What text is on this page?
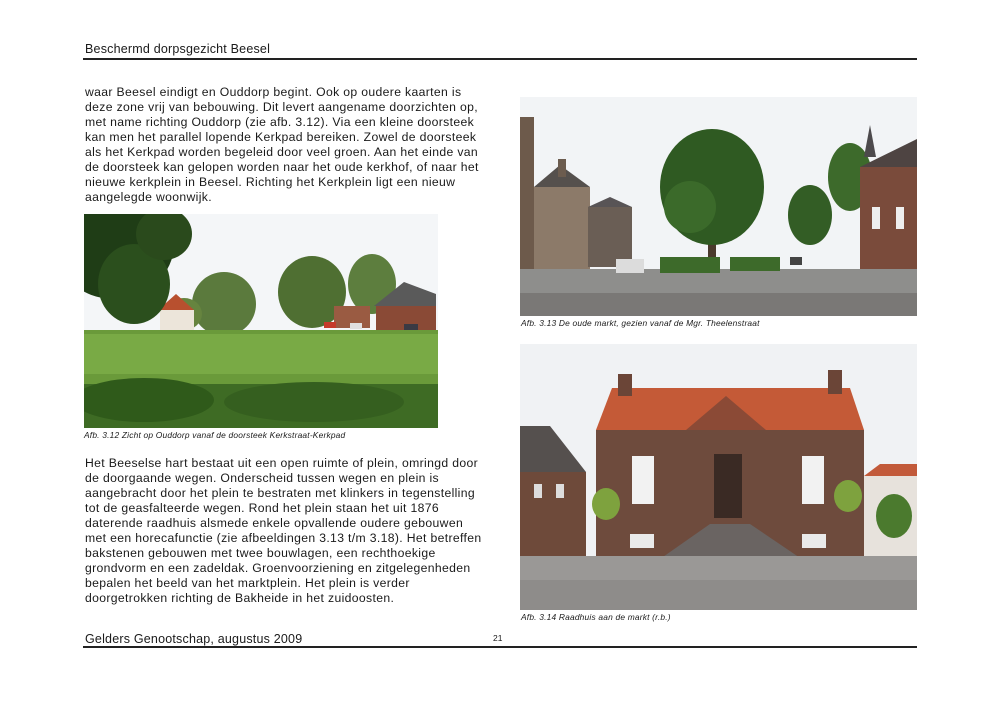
Beschermd dorpsgezicht Beesel

waar Beesel eindigt en Ouddorp begint. Ook op oudere kaarten is deze zone vrij van bebouwing. Dit levert aangename doorzichten op, met name richting Ouddorp (zie afb. 3.12). Via een kleine doorsteek kan men het parallel lopende Kerkpad bereiken. Zowel de doorsteek als het Kerkpad worden begeleid door veel groen. Aan het einde van de doorsteek kan gelopen worden naar het oude kerkhof, of naar het nieuwe kerkplein in Beesel. Richting het Kerkplein ligt een nieuw aangelegde woonwijk.

Afb. 3.12 Zicht op Ouddorp vanaf de doorsteek Kerkstraat-Kerkpad

Het Beeselse hart bestaat uit een open ruimte of plein, omringd door de doorgaande wegen. Onderscheid tussen wegen en plein is aangebracht door het plein te bestraten met klinkers in tegenstelling tot de geasfalteerde wegen. Rond het plein staan het uit 1876 daterende raadhuis alsmede enkele opvallende oudere gebouwen met een horecafunctie (zie afbeeldingen 3.13 t/m 3.18). Het betreffen bakstenen gebouwen met twee bouwlagen, een rechthoekige grondvorm en een zadeldak. Groenvoorziening en zitgelegenheden bepalen het beeld van het marktplein. Het plein is verder doorgetrokken richting de Bakheide in het zuidoosten.

Afb. 3.13 De oude markt, gezien vanaf de Mgr. Theelenstraat
Afb. 3.14 Raadhuis aan de markt (r.b.)
Gelders Genootschap, augustus 2009	21
